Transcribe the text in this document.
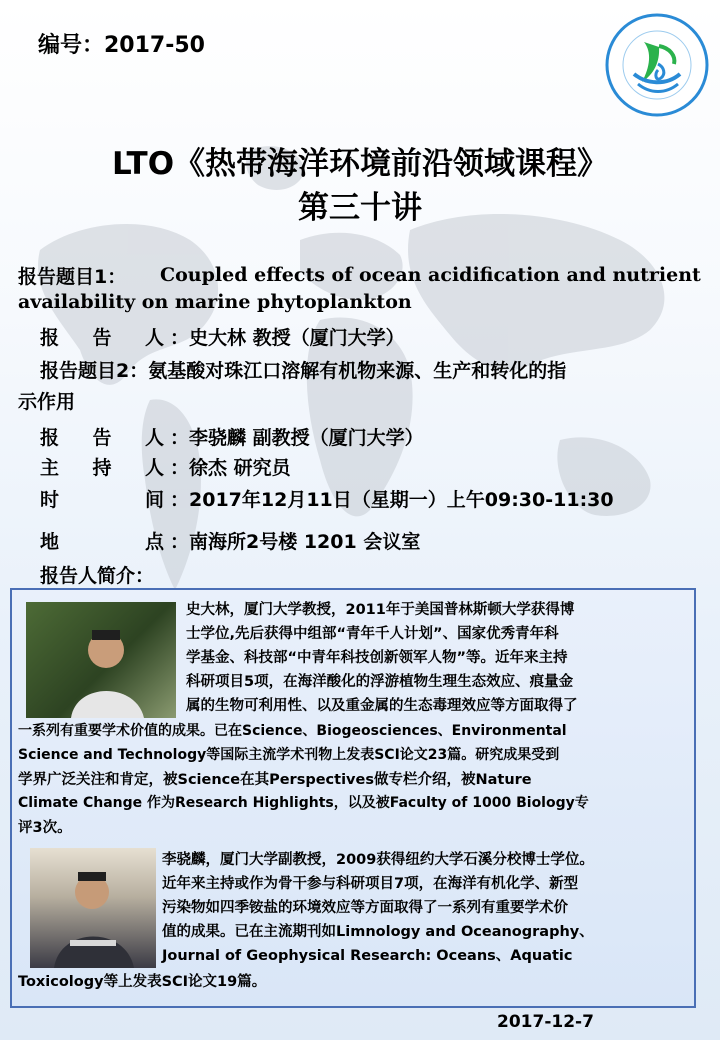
编号：2017-50
LTO《热带海洋环境前沿领域课程》
第三十讲
报告题目1： Coupled effects of ocean acidification and nutrient
availability on marine phytoplankton
报 告 人 ：史大林 教授（厦门大学）
报告题目2：氨基酸对珠江口溶解有机物来源、生产和转化的指
示作用
报 告 人 ：李骁麟 副教授（厦门大学）
主 持 人 ：徐杰 研究员
时	间 ：2017年12月11日（星期一）上午09:30-11:30
地	点 ：南海所2号楼 1201 会议室
报告人简介：
史大林，厦门大学教授，2011年于美国普林斯顿大学获得博
士学位,先后获得中组部“青年千人计划”、国家优秀青年科
学基金、科技部“中青年科技创新领军人物”等。近年来主持
科研项目5项，在海洋酸化的浮游植物生理生态效应、痕量金
属的生物可利用性、以及重金属的生态毒理效应等方面取得了
一系列有重要学术价值的成果。已在Science、Biogeosciences、Environmental
Science and Technology等国际主流学术刊物上发表SCI论文23篇。研究成果受到
学界广泛关注和肯定，被Science在其Perspectives做专栏介绍，被Nature
Climate Change 作为Research Highlights，以及被Faculty of 1000 Biology专
评3次。
李骁麟，厦门大学副教授，2009获得纽约大学石溪分校博士学位。
近年来主持或作为骨干参与科研项目7项，在海洋有机化学、新型
污染物如四季铵盐的环境效应等方面取得了一系列有重要学术价
值的成果。已在主流期刊如Limnology and Oceanography、
Journal of Geophysical Research: Oceans、Aquatic
Toxicology等上发表SCI论文19篇。
2017-12-7
